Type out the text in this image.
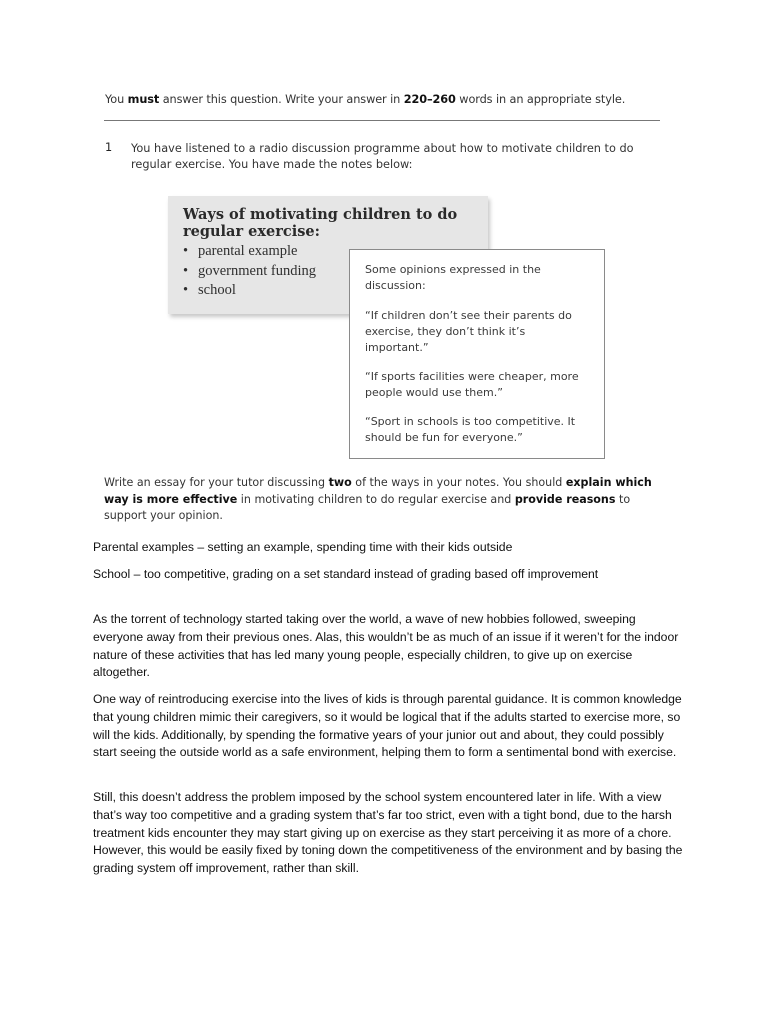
You must answer this question. Write your answer in 220–260 words in an appropriate style.
1 You have listened to a radio discussion programme about how to motivate children to do regular exercise. You have made the notes below:
Ways of motivating children to do regular exercise:
• parental example
• government funding
• school

Some opinions expressed in the discussion:

“If children don’t see their parents do exercise, they don’t think it’s important.”

“If sports facilities were cheaper, more people would use them.”

“Sport in schools is too competitive. It should be fun for everyone.”

Write an essay for your tutor discussing two of the ways in your notes. You should explain which way is more effective in motivating children to do regular exercise and provide reasons to support your opinion.

Parental examples – setting an example, spending time with their kids outside

School – too competitive, grading on a set standard instead of grading based off improvement

As the torrent of technology started taking over the world, a wave of new hobbies followed, sweeping everyone away from their previous ones. Alas, this wouldn’t be as much of an issue if it weren’t for the indoor nature of these activities that has led many young people, especially children, to give up on exercise altogether.

One way of reintroducing exercise into the lives of kids is through parental guidance. It is common knowledge that young children mimic their caregivers, so it would be logical that if the adults started to exercise more, so will the kids. Additionally, by spending the formative years of your junior out and about, they could possibly start seeing the outside world as a safe environment, helping them to form a sentimental bond with exercise.

Still, this doesn’t address the problem imposed by the school system encountered later in life. With a view that’s way too competitive and a grading system that’s far too strict, even with a tight bond, due to the harsh treatment kids encounter they may start giving up on exercise as they start perceiving it as more of a chore. However, this would be easily fixed by toning down the competitiveness of the environment and by basing the grading system off improvement, rather than skill.
